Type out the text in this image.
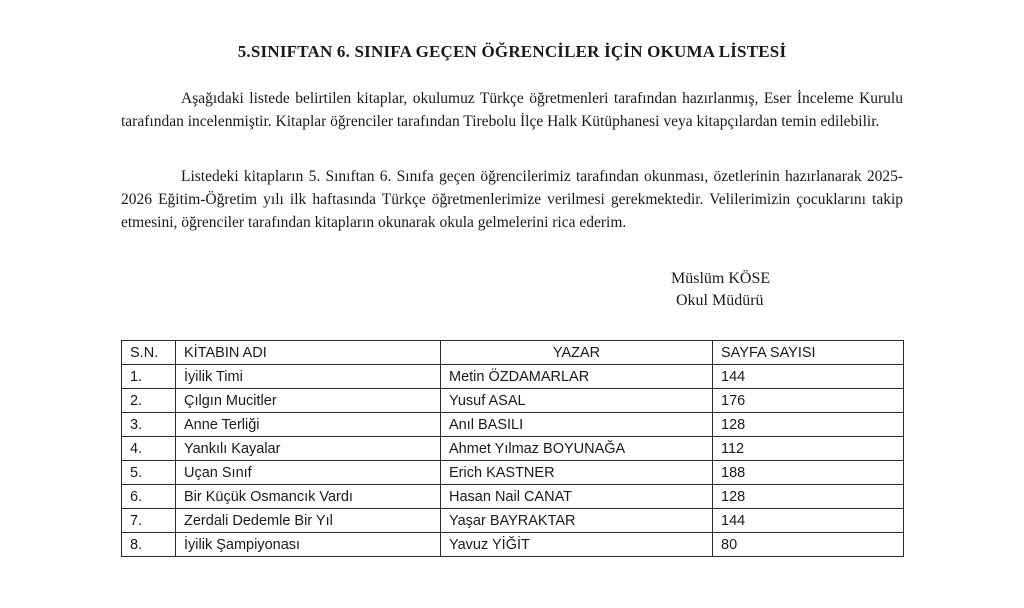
5.SINIFTAN 6. SINIFA GEÇEN ÖĞRENCİLER İÇİN OKUMA LİSTESİ

Aşağıdaki listede belirtilen kitaplar, okulumuz Türkçe öğretmenleri tarafından hazırlanmış, Eser İnceleme Kurulu tarafından incelenmiştir. Kitaplar öğrenciler tarafından Tirebolu İlçe Halk Kütüphanesi veya kitapçılardan temin edilebilir.

Listedeki kitapların 5. Sınıftan 6. Sınıfa geçen öğrencilerimiz tarafından okunması, özetlerinin hazırlanarak 2025-2026 Eğitim-Öğretim yılı ilk haftasında Türkçe öğretmenlerimize verilmesi gerekmektedir. Velilerimizin çocuklarını takip etmesini, öğrenciler tarafından kitapların okunarak okula gelmelerini rica ederim.

Müslüm KÖSE
Okul Müdürü
S.N.	KİTABIN ADI	YAZAR	SAYFA SAYISI
1.	İyilik Timi	Metin ÖZDAMARLAR	144
2.	Çılgın Mucitler	Yusuf ASAL	176
3.	Anne Terliği	Anıl BASILI	128
4.	Yankılı Kayalar	Ahmet Yılmaz BOYUNAĞA	112
5.	Uçan Sınıf	Erich KASTNER	188
6.	Bir Küçük Osmancık Vardı	Hasan Nail CANAT	128
7.	Zerdali Dedemle Bir Yıl	Yaşar BAYRAKTAR	144
8.	İyilik Şampiyonası	Yavuz YİĞİT	80
